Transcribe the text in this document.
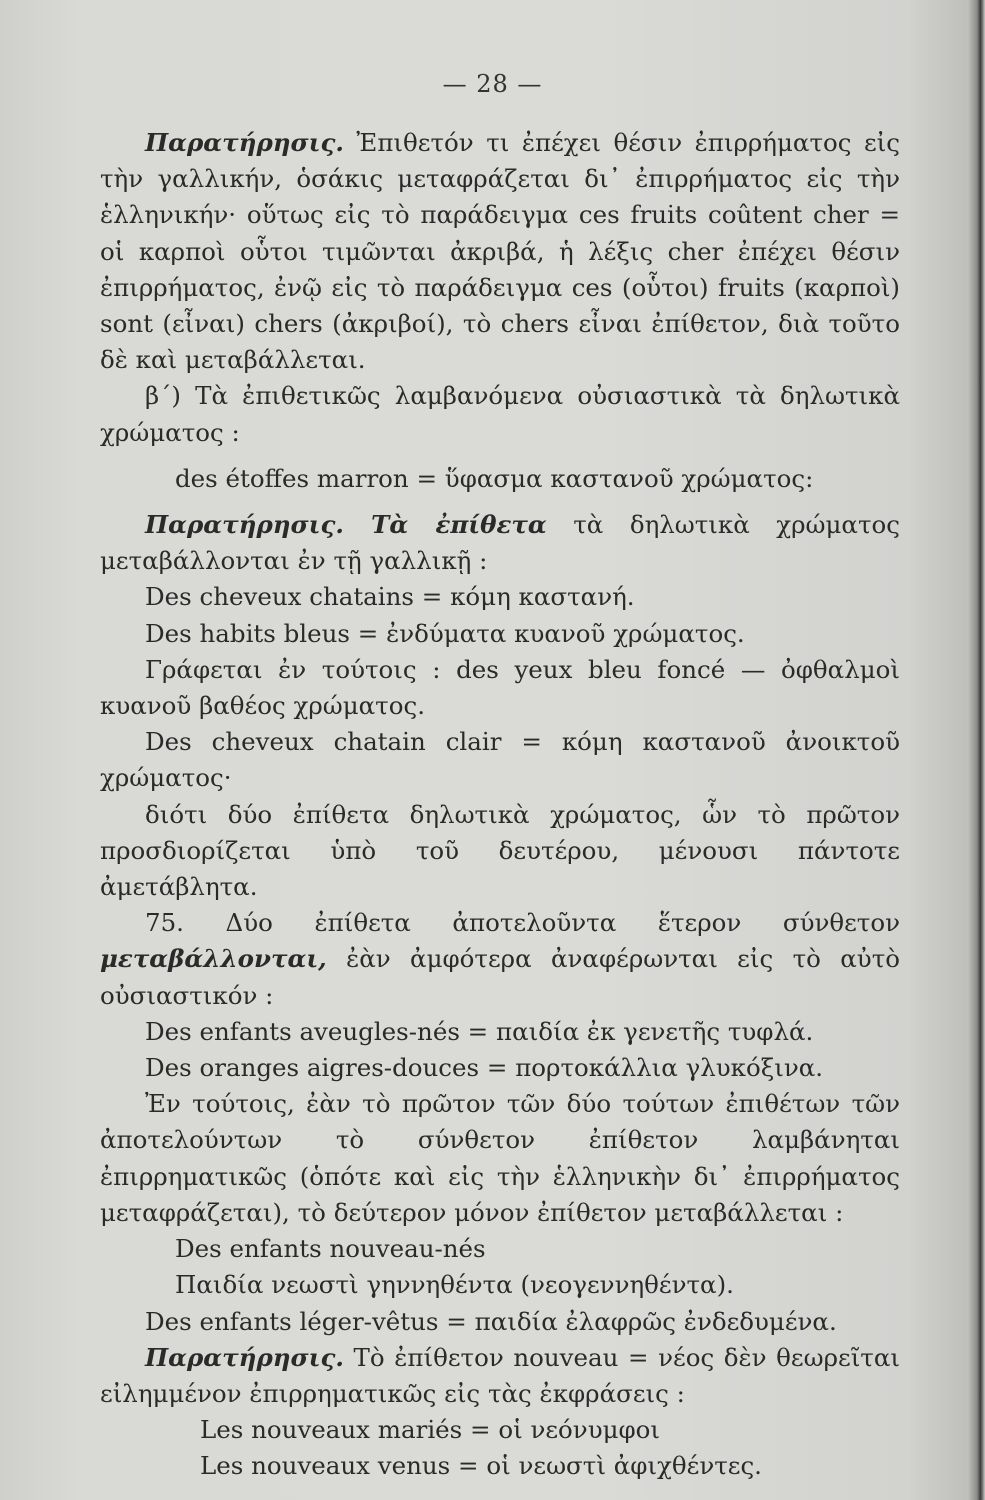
— 28 —

Παρατήρησις. Ἐπιθετόν τι ἐπέχει θέσιν ἐπιρρήματος εἰς τὴν γαλλικήν, ὁσάκις μεταφράζεται δι᾽ ἐπιρρήματος εἰς τὴν ἑλληνικήν· οὕτως εἰς τὸ παράδειγμα ces fruits coûtent cher = οἱ καρποὶ οὗτοι τιμῶνται ἀκριβά, ἡ λέξις cher ἐπέχει θέσιν ἐπιρρήματος, ἐνῷ εἰς τὸ παράδειγμα ces (οὗτοι) fruits (καρποὶ) sont (εἶναι) chers (ἀκριβοί), τὸ chers εἶναι ἐπίθετον, διὰ τοῦτο δὲ καὶ μεταβάλλεται.

β΄) Τὰ ἐπιθετικῶς λαμβανόμενα οὐσιαστικὰ τὰ δηλωτικὰ χρώματος :

des étoffes marron = ὕφασμα καστανοῦ χρώματος:

Παρατήρησις. Τὰ ἐπίθετα τὰ δηλωτικὰ χρώματος μεταβάλλονται ἐν τῇ γαλλικῇ :

Des cheveux chatains = κόμη καστανή.

Des habits bleus = ἐνδύματα κυανοῦ χρώματος.

Γράφεται ἐν τούτοις : des yeux bleu foncé — ὀφθαλμοὶ κυανοῦ βαθέος χρώματος.

Des cheveux chatain clair = κόμη καστανοῦ ἀνοικτοῦ χρώματος·

διότι δύο ἐπίθετα δηλωτικὰ χρώματος, ὧν τὸ πρῶτον προσδιορίζεται ὑπὸ τοῦ δευτέρου, μένουσι πάντοτε ἀμετάβλητα.

75. Δύο ἐπίθετα ἀποτελοῦντα ἕτερον σύνθετον μεταβάλλονται, ἐὰν ἀμφότερα ἀναφέρωνται εἰς τὸ αὐτὸ οὐσιαστικόν :

Des enfants aveugles-nés = παιδία ἐκ γενετῆς τυφλά.

Des oranges aigres-douces = πορτοκάλλια γλυκόξινα.

Ἐν τούτοις, ἐὰν τὸ πρῶτον τῶν δύο τούτων ἐπιθέτων τῶν ἀποτελούντων τὸ σύνθετον ἐπίθετον λαμβάνηται ἐπιρρηματικῶς (ὁπότε καὶ εἰς τὴν ἑλληνικὴν δι᾽ ἐπιρρήματος μεταφράζεται), τὸ δεύτερον μόνον ἐπίθετον μεταβάλλεται :

Des enfants nouveau-nés

Παιδία νεωστὶ γηννηθέντα (νεογεννηθέντα).

Des enfants léger-vêtus = παιδία ἐλαφρῶς ἐνδεδυμένα.

Παρατήρησις. Τὸ ἐπίθετον nouveau = νέος δὲν θεωρεῖται εἰλημμένον ἐπιρρηματικῶς εἰς τὰς ἐκφράσεις :

Les nouveaux mariés = οἱ νεόνυμφοι

Les nouveaux venus = οἱ νεωστὶ ἀφιχθέντες.
